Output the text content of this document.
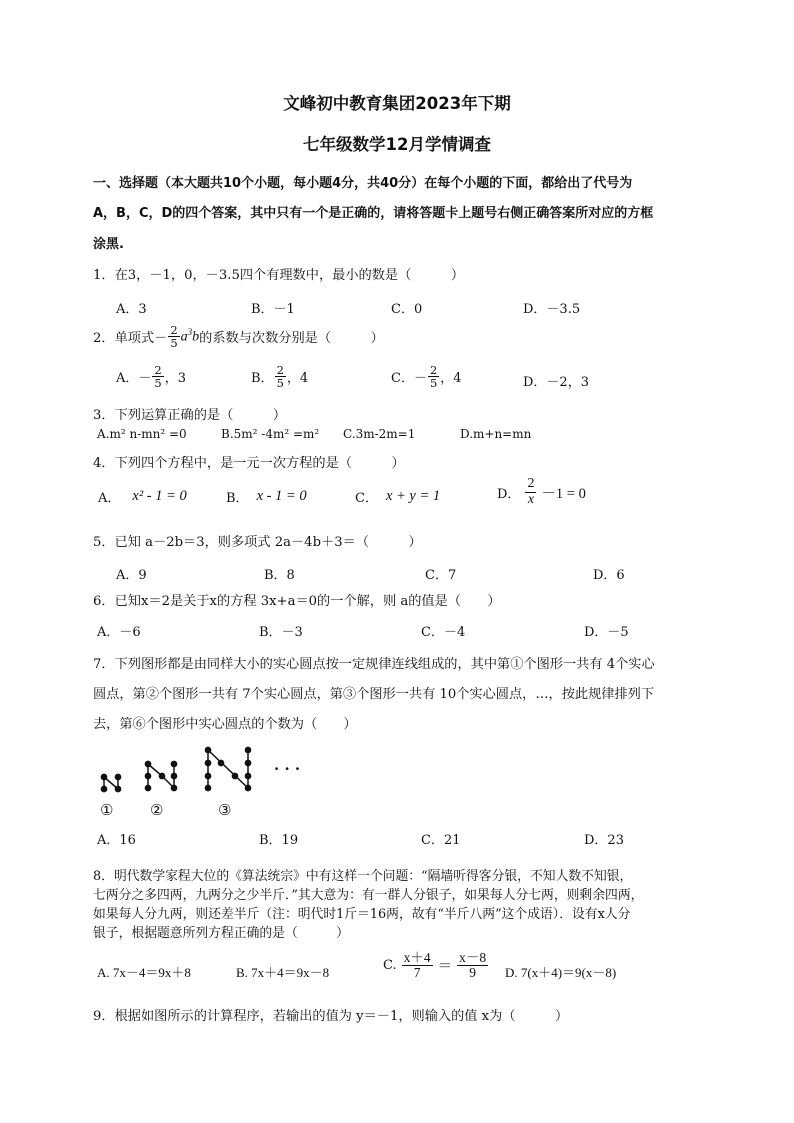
文峰初中教育集团2023年下期
七年级数学12月学情调查
一、选择题（本大题共10个小题，每小题4分，共40分）在每个小题的下面，都给出了代号为
A，B，C，D的四个答案，其中只有一个是正确的，请将答题卡上题号右侧正确答案所对应的方框
涂黑.
1．在3，－1，0，－3.5四个有理数中，最小的数是（　　　）
A．3	B．－1	C．0	D．－3.5
2．单项式－ $\frac{2}{5} a^3b$ 的系数与次数分别是（　　　）
A．－ $\frac{2}{5}$ ，3	B． $\frac{2}{5}$ ，4	C．－ $\frac{2}{5}$ ，4	D．－2，3
3．下列运算正确的是（　　　）
A.m² n-mn² =0	B.5m² -4m² =m² C.3m-2m=1	D.m+n=mn
4．下列四个方程中，是一元一次方程的是（　　　）
A． x² - 1 = 0	B． x - 1 = 0	C． x + y = 1	D． $\frac{2}{x} -1 = 0$
5．已知 a－2b＝3，则多项式 2a－4b＋3＝（　　　）
A．9	B．8	C．7	D．6
6．已知x＝2是关于x的方程 3x+a＝0的一个解，则 a的值是（　　）
A．－6	B．－3	C．－4	D．－5
7．下列图形都是由同样大小的实心圆点按一定规律连线组成的，其中第①个图形一共有 4个实心
圆点，第②个图形一共有 7个实心圆点，第③个图形一共有 10个实心圆点，…，按此规律排列下
去，第⑥个图形中实心圆点的个数为（　　）
· · ·
① ②	③
A．16	B．19	C．21	D．23
8．明代数学家程大位的《算法统宗》中有这样一个问题：“隔墙听得客分银，不知人数不知银，
七两分之多四两，九两分之少半斤．”其大意为：有一群人分银子，如果每人分七两，则剩余四两，
如果每人分九两，则还差半斤（注：明代时1斤＝16两，故有“半斤八两”这个成语）．设有x人分
银子，根据题意所列方程正确的是（　　　）
A. 7x－4＝9x＋8	B. 7x＋4＝9x－8	C. $\frac{x+4}{7} = \frac{x-8}{9} D$. 7(x＋4)＝9(x－8)
9．根据如图所示的计算程序，若输出的值为 y＝－1，则输入的值 x为（　　　）
